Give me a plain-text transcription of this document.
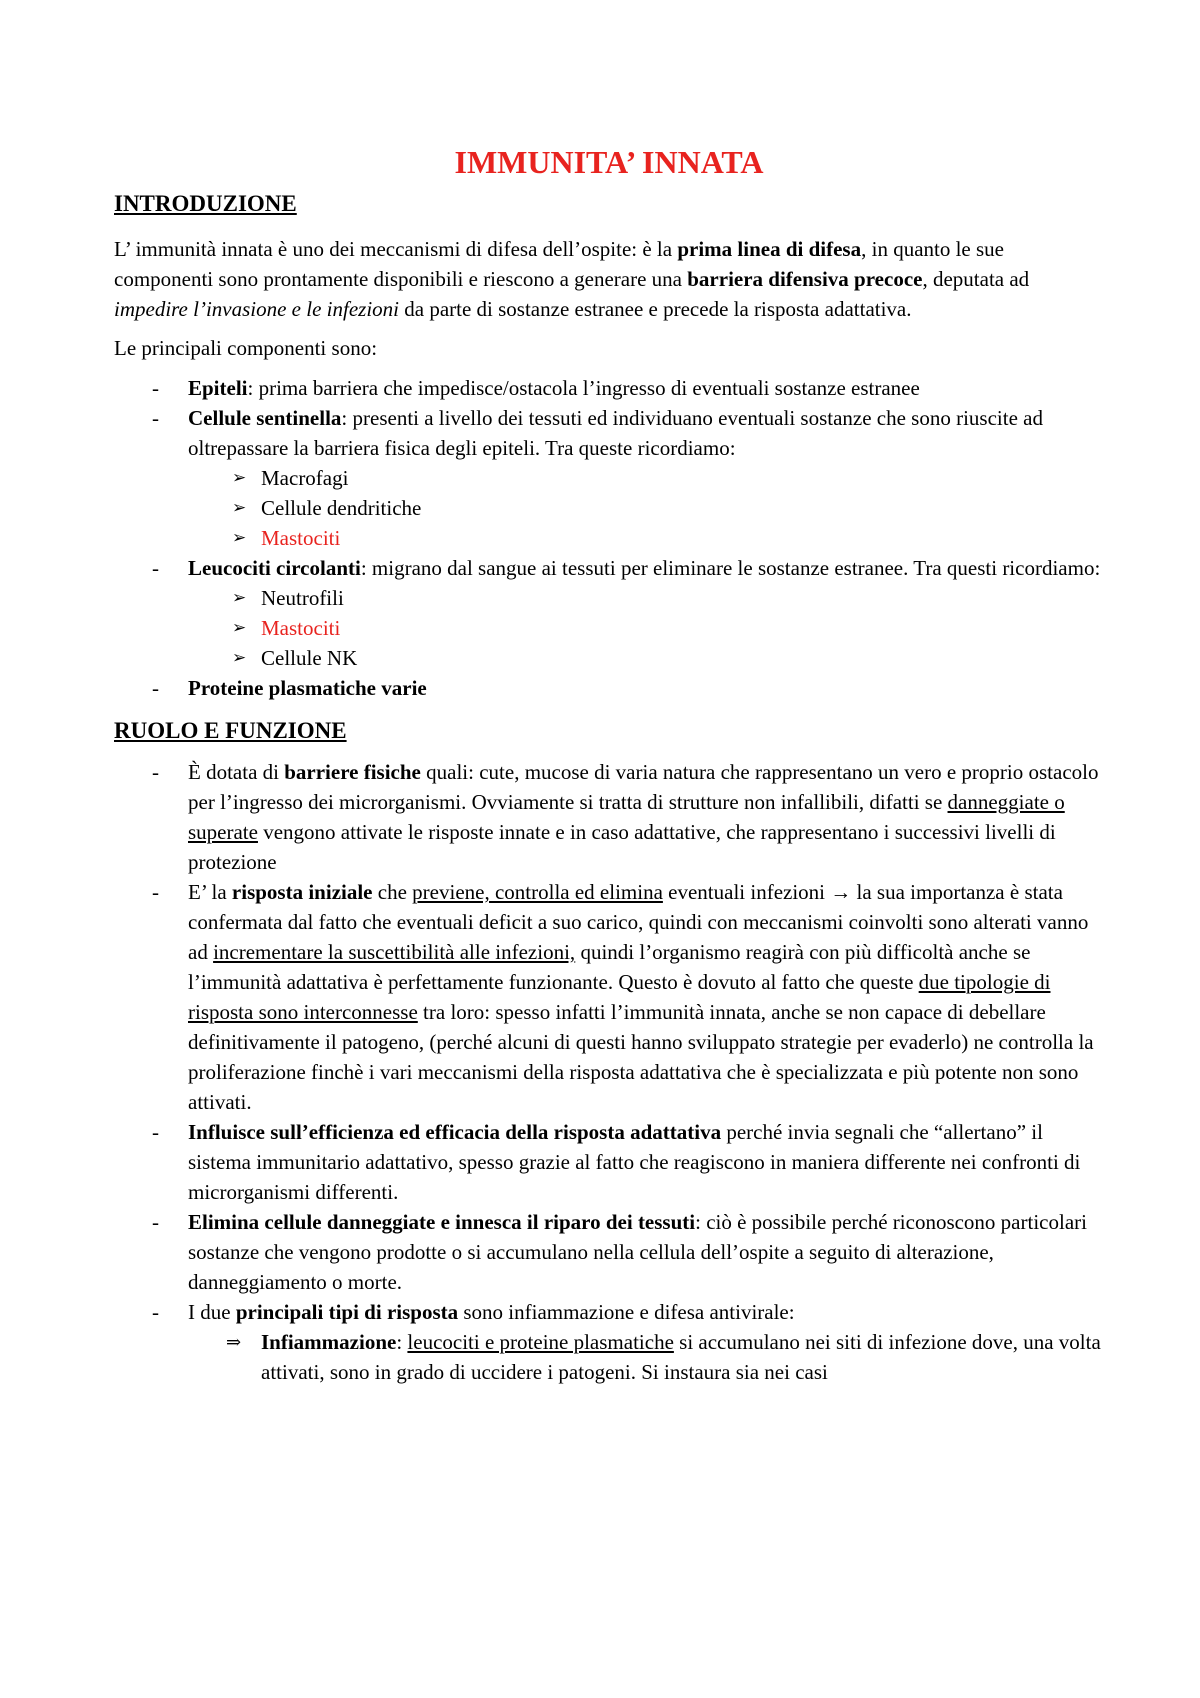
IMMUNITA’ INNATA
INTRODUZIONE

L’ immunità innata è uno dei meccanismi di difesa dell’ospite: è la prima linea di difesa, in quanto le sue componenti sono prontamente disponibili e riescono a generare una barriera difensiva precoce, deputata ad impedire l’invasione e le infezioni da parte di sostanze estranee e precede la risposta adattativa.

Le principali componenti sono:

- Epiteli: prima barriera che impedisce/ostacola l’ingresso di eventuali sostanze estranee
- Cellule sentinella: presenti a livello dei tessuti ed individuano eventuali sostanze che sono riuscite ad oltrepassare la barriera fisica degli epiteli. Tra queste ricordiamo:
➢ Macrofagi
➢ Cellule dendritiche
➢ Mastociti
- Leucociti circolanti: migrano dal sangue ai tessuti per eliminare le sostanze estranee. Tra questi ricordiamo:
➢ Neutrofili
➢ Mastociti
➢ Cellule NK
- Proteine plasmatiche varie
RUOLO E FUNZIONE
- È dotata di barriere fisiche quali: cute, mucose di varia natura che rappresentano un vero e proprio ostacolo per l’ingresso dei microrganismi. Ovviamente si tratta di strutture non infallibili, difatti se danneggiate o superate vengono attivate le risposte innate e in caso adattative, che rappresentano i successivi livelli di protezione
- E’ la risposta iniziale che previene, controlla ed elimina eventuali infezioni → la sua importanza è stata confermata dal fatto che eventuali deficit a suo carico, quindi con meccanismi coinvolti sono alterati vanno ad incrementare la suscettibilità alle infezioni, quindi l’organismo reagirà con più difficoltà anche se l’immunità adattativa è perfettamente funzionante. Questo è dovuto al fatto che queste due tipologie di risposta sono interconnesse tra loro: spesso infatti l’immunità innata, anche se non capace di debellare definitivamente il patogeno, (perché alcuni di questi hanno sviluppato strategie per evaderlo) ne controlla la proliferazione finchè i vari meccanismi della risposta adattativa che è specializzata e più potente non sono attivati.
- Influisce sull’efficienza ed efficacia della risposta adattativa perché invia segnali che “allertano” il sistema immunitario adattativo, spesso grazie al fatto che reagiscono in maniera differente nei confronti di microrganismi differenti.
- Elimina cellule danneggiate e innesca il riparo dei tessuti: ciò è possibile perché riconoscono particolari sostanze che vengono prodotte o si accumulano nella cellula dell’ospite a seguito di alterazione, danneggiamento o morte.
- I due principali tipi di risposta sono infiammazione e difesa antivirale:
⇒ Infiammazione: leucociti e proteine plasmatiche si accumulano nei siti di infezione dove, una volta attivati, sono in grado di uccidere i patogeni. Si instaura sia nei casi
